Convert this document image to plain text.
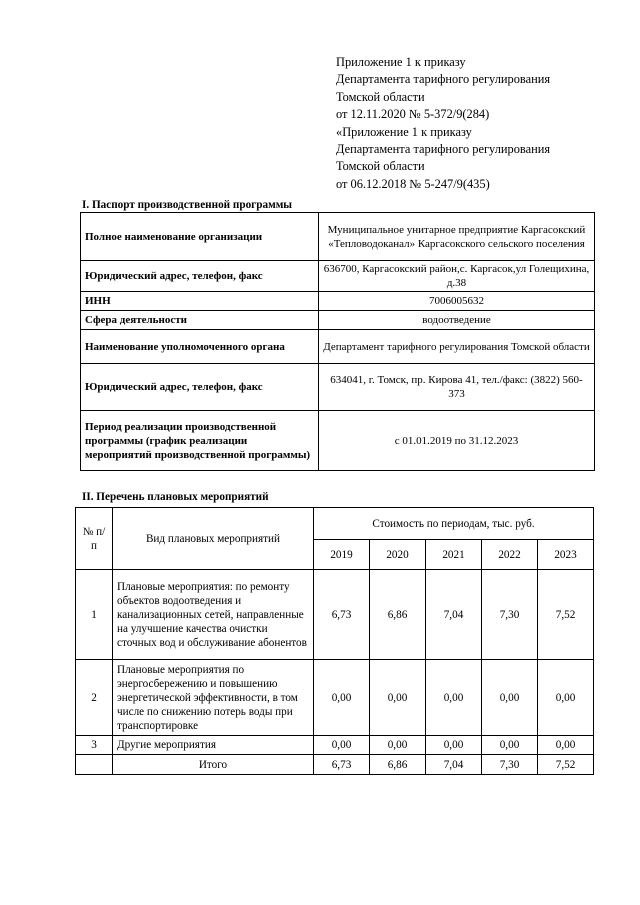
Приложение 1 к приказу
Департамента тарифного регулирования
Томской области
от 12.11.2020 № 5-372/9(284)
«Приложение 1 к приказу
Департамента тарифного регулирования
Томской области
от 06.12.2018 № 5-247/9(435)
I. Паспорт производственной программы
Полное наименование организации	Муниципальное унитарное предприятие Каргасокский «Тепловодоканал» Каргасокского сельского поселения
Юридический адрес, телефон, факс	636700, Каргасокский район,с. Каргасок,ул Голещихина, д.38
ИНН	7006005632
Сфера деятельности	водоотведение
Наименование уполномоченного органа	Департамент тарифного регулирования Томской области
Юридический адрес, телефон, факс	634041, г. Томск, пр. Кирова 41, тел./факс: (3822) 560-373
Период реализации производственной программы (график реализации мероприятий производственной программы)	с 01.01.2019 по 31.12.2023
II. Перечень плановых мероприятий
№ п/п	Вид плановых мероприятий	Стоимость по периодам, тыс. руб.				
		2019	2020	2021	2022	2023
1	Плановые мероприятия: по ремонту объектов водоотведения и канализационных сетей, направленные на улучшение качества очистки сточных вод и обслуживание абонентов	6,73	6,86	7,04	7,30	7,52
2	Плановые мероприятия по энергосбережению и повышению энергетической эффективности, в том числе по снижению потерь воды при транспортировке	0,00	0,00	0,00	0,00	0,00
3	Другие мероприятия	0,00	0,00	0,00	0,00	0,00
	Итого	6,73	6,86	7,04	7,30	7,52
